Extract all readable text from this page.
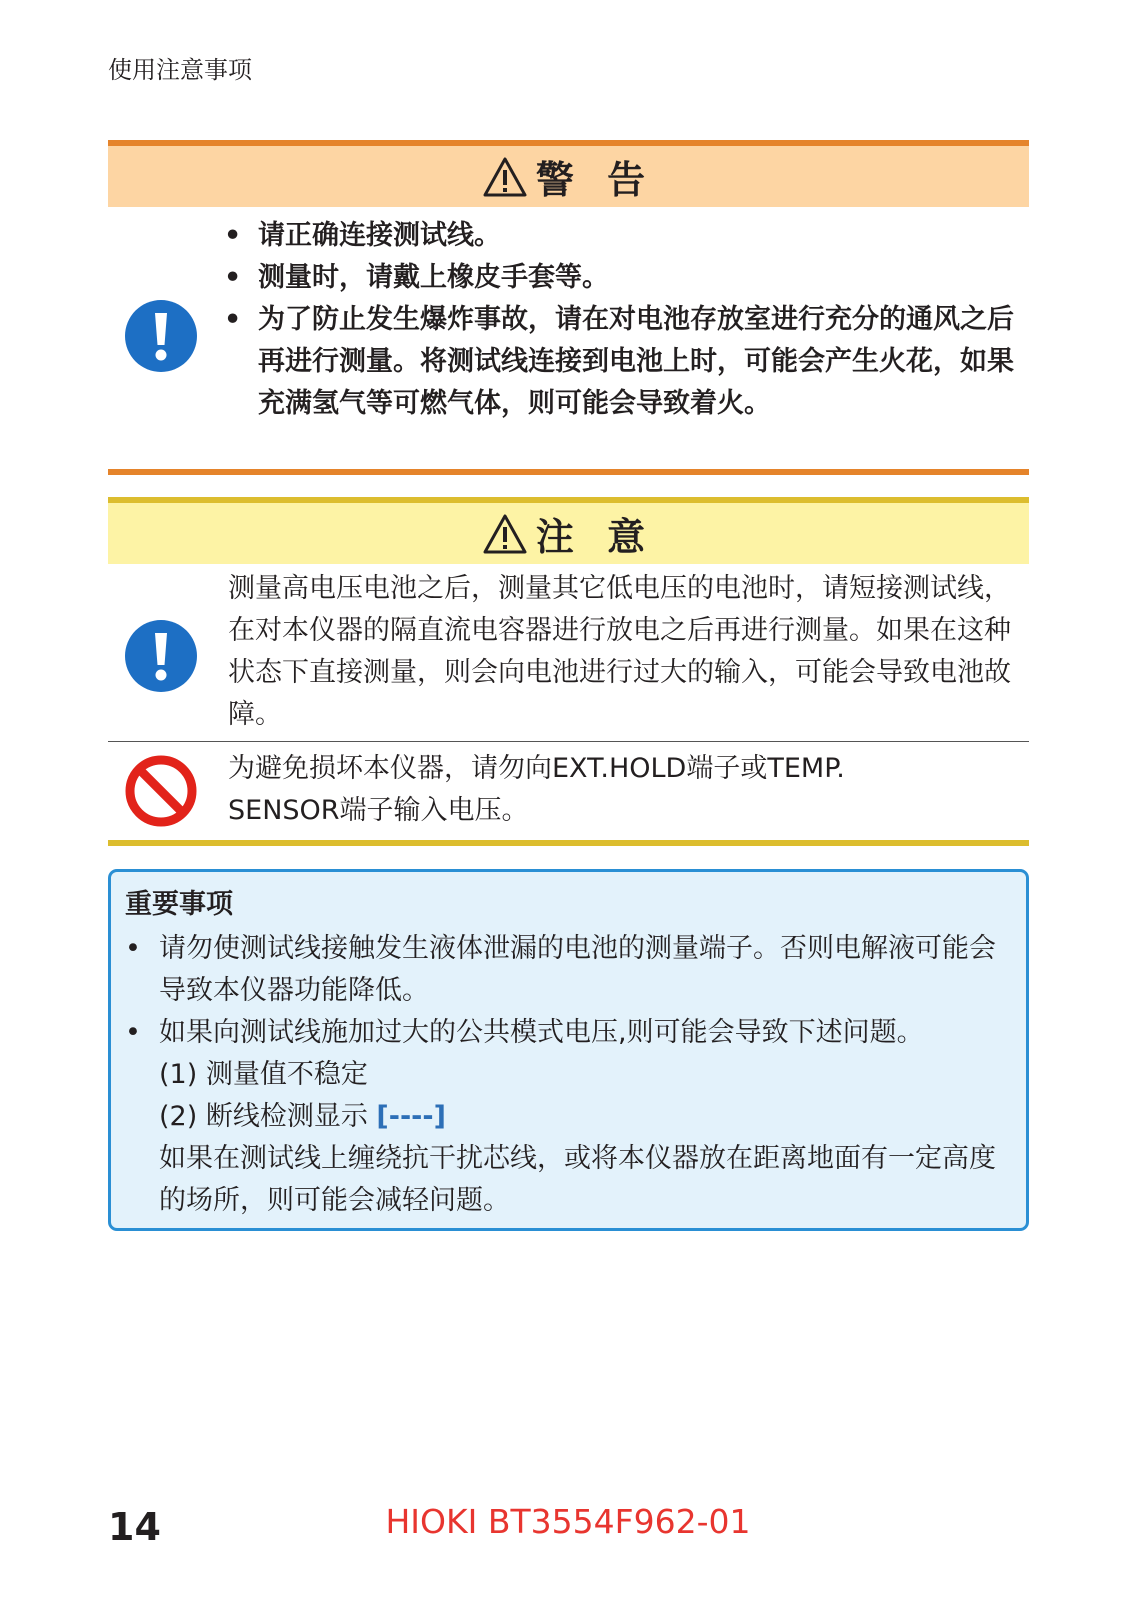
使用注意事项
警 告
• 请正确连接测试线。
• 测量时，请戴上橡皮手套等。
• 为了防止发生爆炸事故，请在对电池存放室进行充分的通风之后再进行测量。将测试线连接到电池上时，可能会产生火花，如果充满氢气等可燃气体，则可能会导致着火。
注 意
测量高电压电池之后，测量其它低电压的电池时，请短接测试线，在对本仪器的隔直流电容器进行放电之后再进行测量。如果在这种状态下直接测量，则会向电池进行过大的输入，可能会导致电池故障。
为避免损坏本仪器，请勿向EXT.HOLD端子或TEMP.
SENSOR端子输入电压。
重要事项
• 请勿使测试线接触发生液体泄漏的电池的测量端子。否则电解液可能会导致本仪器功能降低。
• 如果向测试线施加过大的公共模式电压,则可能会导致下述问题。
(1) 测量值不稳定
(2) 断线检测显示 [----]
如果在测试线上缠绕抗干扰芯线，或将本仪器放在距离地面有一定高度的场所，则可能会减轻问题。
14	HIOKI BT3554F962-01
